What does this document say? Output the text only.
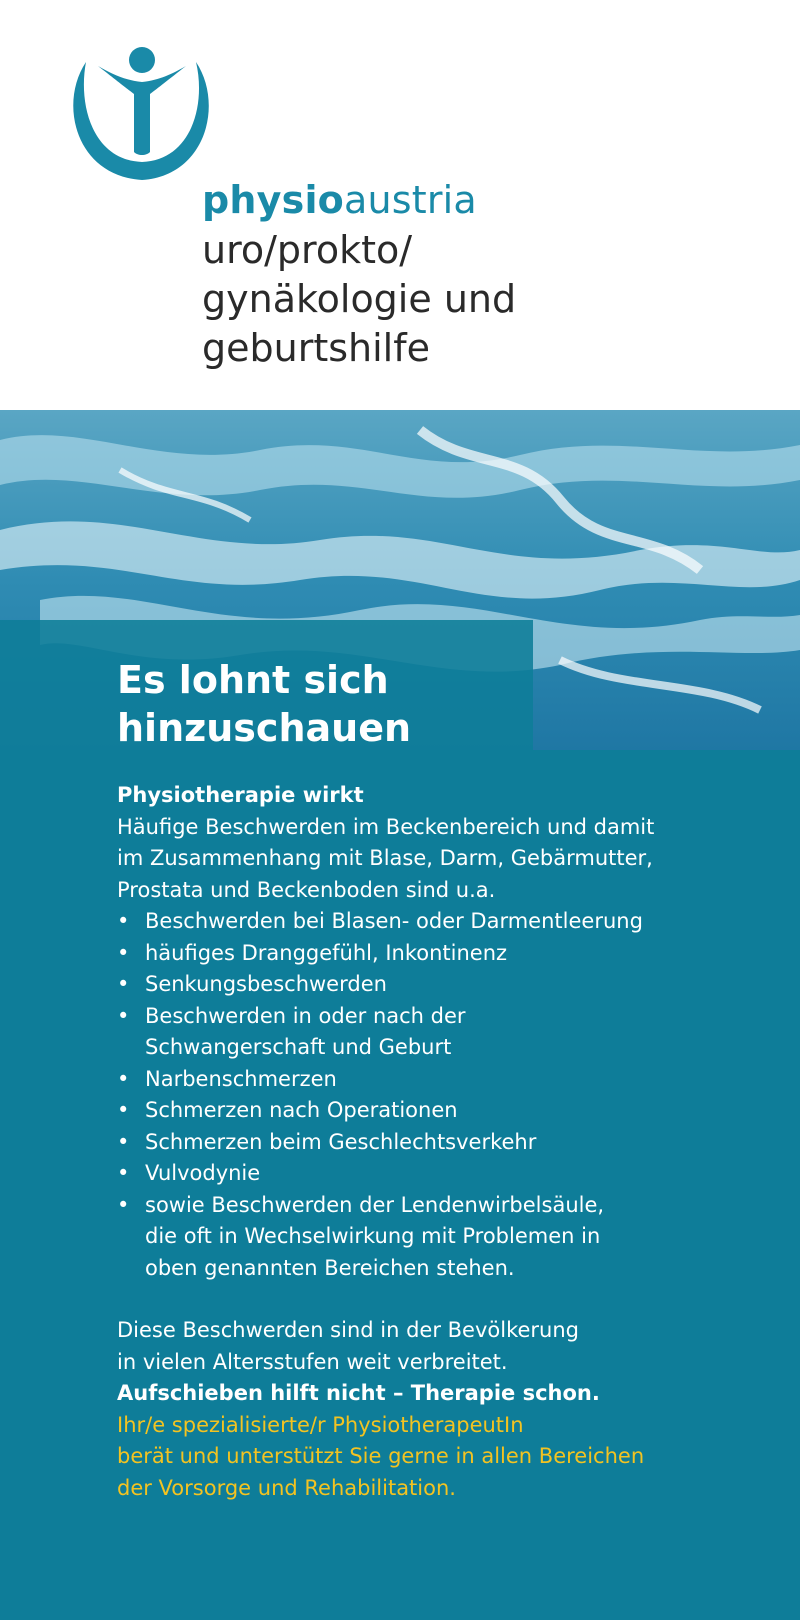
physioaustria
uro/prokto/
gynäkologie und
geburtshilfe
Es lohnt sich
hinzuschauen

Physiotherapie wirkt

Häufige Beschwerden im Beckenbereich und damit

im Zusammenhang mit Blase, Darm, Gebärmutter,

Prostata und Beckenboden sind u.a.

• Beschwerden bei Blasen- oder Darmentleerung
• häufiges Dranggefühl, Inkontinenz
• Senkungsbeschwerden
• Beschwerden in oder nach der
Schwangerschaft und Geburt
• Narbenschmerzen
• Schmerzen nach Operationen
• Schmerzen beim Geschlechtsverkehr
• Vulvodynie
• sowie Beschwerden der Lendenwirbelsäule,
die oft in Wechselwirkung mit Problemen in
oben genannten Bereichen stehen.

Diese Beschwerden sind in der Bevölkerung

in vielen Altersstufen weit verbreitet.

Aufschieben hilft nicht – Therapie schon.

Ihr/e spezialisierte/r PhysiotherapeutIn

berät und unterstützt Sie gerne in allen Bereichen

der Vorsorge und Rehabilitation.
